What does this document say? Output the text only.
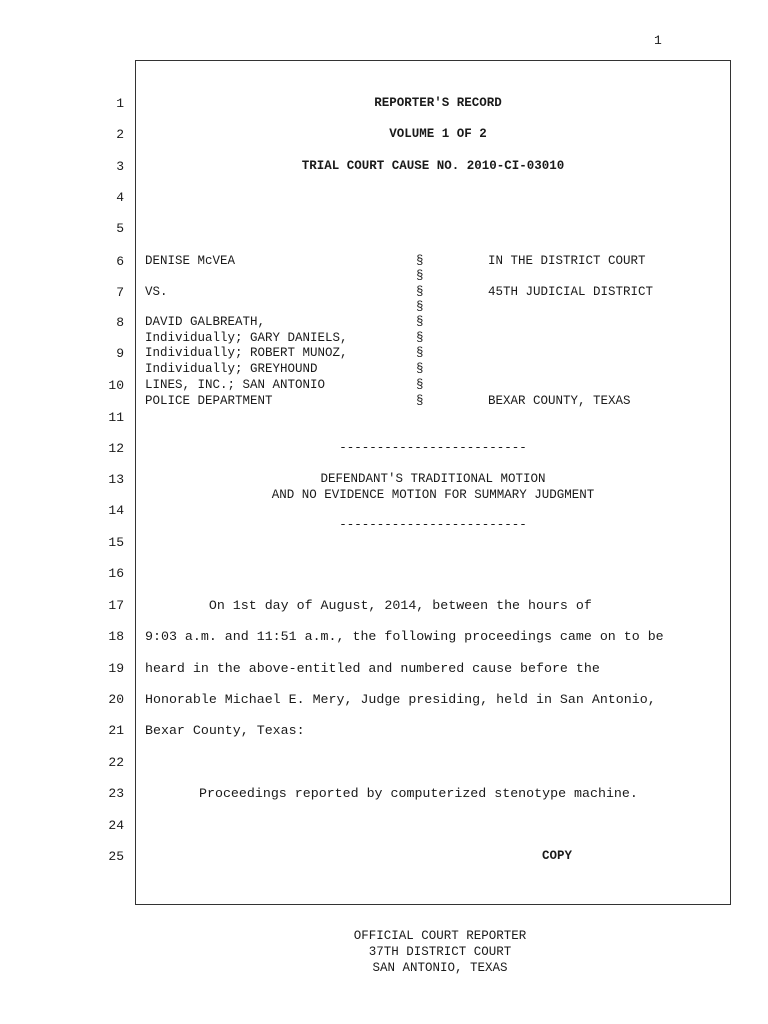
1
1
2
3
4
5
6
7
8
9
10
11
12
13
14
15
16
17
18
19
20
21
22
23
24
25
REPORTER'S RECORD
VOLUME 1 OF 2
TRIAL COURT CAUSE NO. 2010-CI-03010
DENISE McVEA
VS.
DAVID GALBREATH,
Individually; GARY DANIELS,
Individually; ROBERT MUNOZ,
Individually; GREYHOUND
LINES, INC.; SAN ANTONIO
POLICE DEPARTMENT
§
§
§
§
§
§
§
§
§
§
IN THE DISTRICT COURT
45TH JUDICIAL DISTRICT
BEXAR COUNTY, TEXAS
-------------------------
DEFENDANT'S TRADITIONAL MOTION
AND NO EVIDENCE MOTION FOR SUMMARY JUDGMENT
-------------------------
On 1st day of August, 2014, between the hours of
9:03 a.m. and 11:51 a.m., the following proceedings came on to be
heard in the above-entitled and numbered cause before the
Honorable Michael E. Mery, Judge presiding, held in San Antonio,
Bexar County, Texas:
Proceedings reported by computerized stenotype machine.
COPY
OFFICIAL COURT REPORTER
37TH DISTRICT COURT
SAN ANTONIO, TEXAS
